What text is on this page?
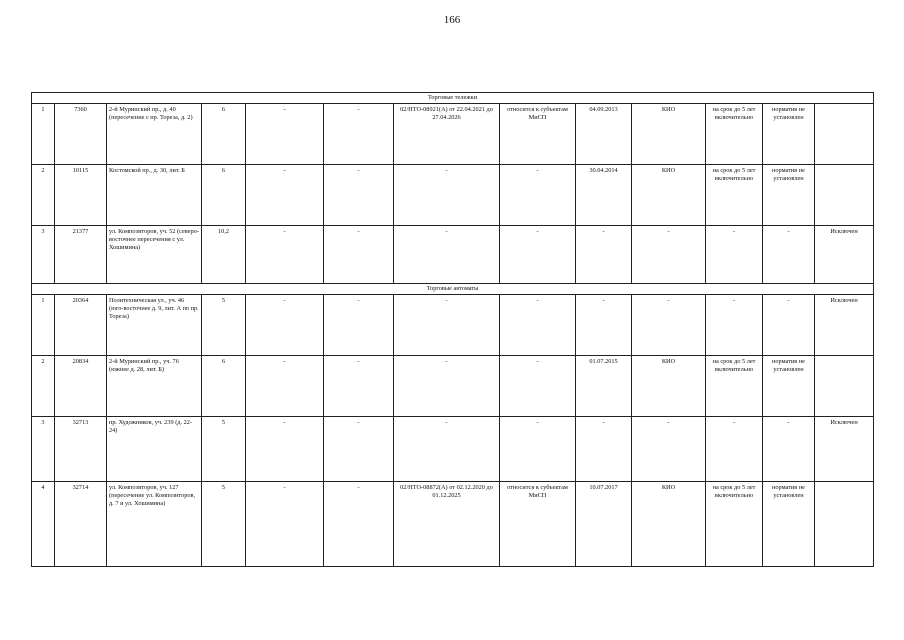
166
Торговые тележки												
1	7360	2-й Муринский пр., д. 40 (пересечение с пр. Тореза, д. 2)	6	-	-	02/НТО-08921(А) от 22.04.2021 до 27.04.2026	относится к субъектам МиСП	04.09.2013	КИО	на срок до 5 лет включительно	норматив не установлен	
2	10115	Костомской пр., д. 30, лит. Б	6	-	-	-	-	30.04.2014	КИО	на срок до 5 лет включительно	норматив не установлен	
3	21377	ул. Композиторов, уч. 52 (северо-восточнее пересечения с ул. Хошимина)	10,2	-	-	-	-	-	-	-	-	Исключен
Торговые автоматы												
1	20364	Политехническая ул., уч. 46 (юго-восточнее д. 9, лит. А по пр. Тореза)	5	-	-	-	-	-	-	-	-	Исключен
2	20834	2-й Муринский пр., уч. 76 (южнее д. 28, лит. Б)	6	-	-	-	-	01.07.2015	КИО	на срок до 5 лет включительно	норматив не установлен	
3	32713	пр. Художников, уч. 239 (д. 22-24)	5	-	-	-	-	-	-	-	-	Исключен
4	32714	ул. Композиторов, уч. 127 (пересечение ул. Композиторов, д. 7 и ул. Хошимина)	5	-	-	02/НТО-08872(А) от 02.12.2020 до 01.12.2025	относится к субъектам МиСП	10.07.2017	КИО	на срок до 5 лет включительно	норматив не установлен	
